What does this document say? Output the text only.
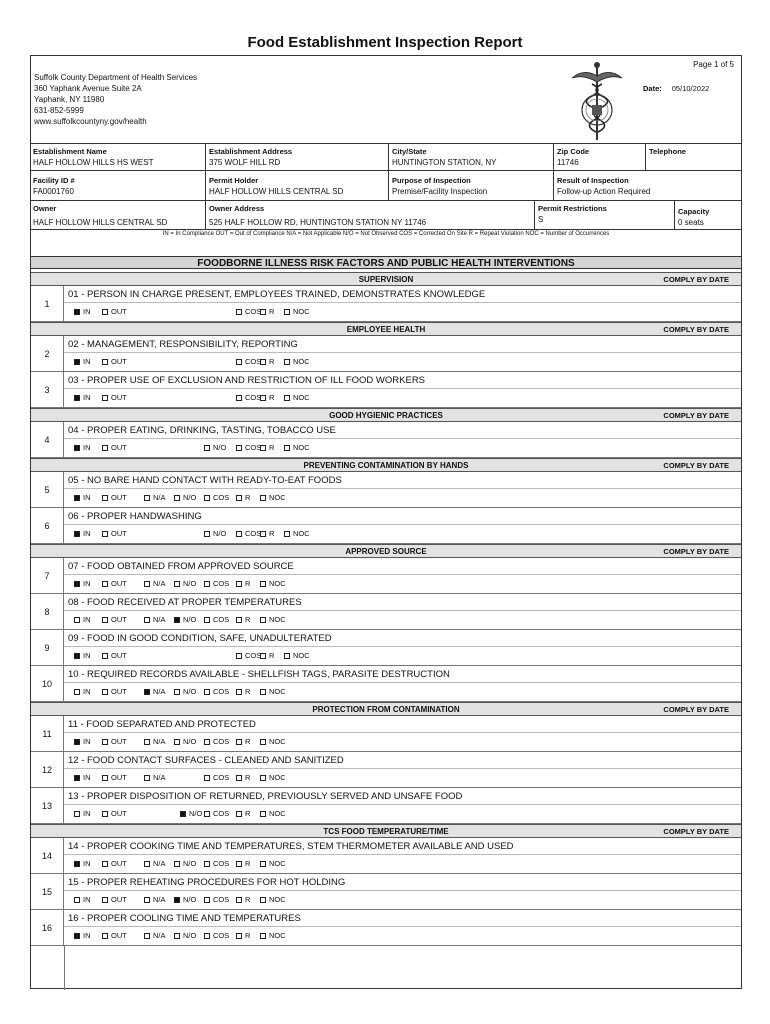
Food Establishment Inspection Report
Suffolk County Department of Health Services
360 Yaphank Avenue Suite 2A
Yaphank, NY 11980
631-852-5999
www.suffolkcountyny.gov/health
Page 1 of 5
Date: 05/10/2022
Establishment Name
HALF HOLLOW HILLS HS WEST
Establishment Address
375 WOLF HILL RD
City/State
HUNTINGTON STATION, NY
Zip Code
11746
Telephone
Facility ID #
FA0001760
Permit Holder
HALF HOLLOW HILLS CENTRAL SD
Purpose of Inspection
Premise/Facility Inspection
Result of Inspection
Follow-up Action Required
Owner
HALF HOLLOW HILLS CENTRAL SD
Owner Address
525 HALF HOLLOW RD, HUNTINGTON STATION NY 11746
Permit Restrictions
S
Capacity
0 seats
IN = In Compliance OUT = Out of Compliance N/A = Not Applicable N/O = Not Observed COS = Corrected On Site R = Repeat Violation NOC = Number of Occurrences
FOODBORNE ILLNESS RISK FACTORS AND PUBLIC HEALTH INTERVENTIONS
SUPERVISION	COMPLY BY DATE
1
01 - PERSON IN CHARGE PRESENT, EMPLOYEES TRAINED, DEMONSTRATES KNOWLEDGE
IN	OUT	COS	R	NOC
EMPLOYEE HEALTH	COMPLY BY DATE
2
02 - MANAGEMENT, RESPONSIBILITY, REPORTING
IN	OUT	COS	R	NOC
3
03 - PROPER USE OF EXCLUSION AND RESTRICTION OF ILL FOOD WORKERS
IN	OUT	COS	R	NOC
GOOD HYGIENIC PRACTICES	COMPLY BY DATE
4
04 - PROPER EATING, DRINKING, TASTING, TOBACCO USE
IN	OUT	N/O	COS	R	NOC
PREVENTING CONTAMINATION BY HANDS	COMPLY BY DATE
5
05 - NO BARE HAND CONTACT WITH READY-TO-EAT FOODS
IN	OUT	N/A	N/O	COS	R	NOC
6
06 - PROPER HANDWASHING
IN	OUT	N/O	COS	R	NOC
APPROVED SOURCE	COMPLY BY DATE
7
07 - FOOD OBTAINED FROM APPROVED SOURCE
IN	OUT	N/A	N/O	COS	R	NOC
8
08 - FOOD RECEIVED AT PROPER TEMPERATURES
IN	OUT	N/A	N/O	COS	R	NOC
9
09 - FOOD IN GOOD CONDITION, SAFE, UNADULTERATED
IN	OUT	COS	R	NOC
10
10 - REQUIRED RECORDS AVAILABLE - SHELLFISH TAGS, PARASITE DESTRUCTION
IN	OUT	N/A	N/O	COS	R	NOC
PROTECTION FROM CONTAMINATION	COMPLY BY DATE
11
11 - FOOD SEPARATED AND PROTECTED
IN	OUT	N/A	N/O	COS	R	NOC
12
12 - FOOD CONTACT SURFACES - CLEANED AND SANITIZED
IN	OUT	N/A	COS	R	NOC
13
13 - PROPER DISPOSITION OF RETURNED, PREVIOUSLY SERVED AND UNSAFE FOOD
IN	OUT	N/O	COS	R	NOC
TCS FOOD TEMPERATURE/TIME	COMPLY BY DATE
14
14 - PROPER COOKING TIME AND TEMPERATURES, STEM THERMOMETER AVAILABLE AND USED
IN	OUT	N/A	N/O	COS	R	NOC
15
15 - PROPER REHEATING PROCEDURES FOR HOT HOLDING
IN	OUT	N/A	N/O	COS	R	NOC
16
16 - PROPER COOLING TIME AND TEMPERATURES
IN	OUT	N/A	N/O	COS	R	NOC
